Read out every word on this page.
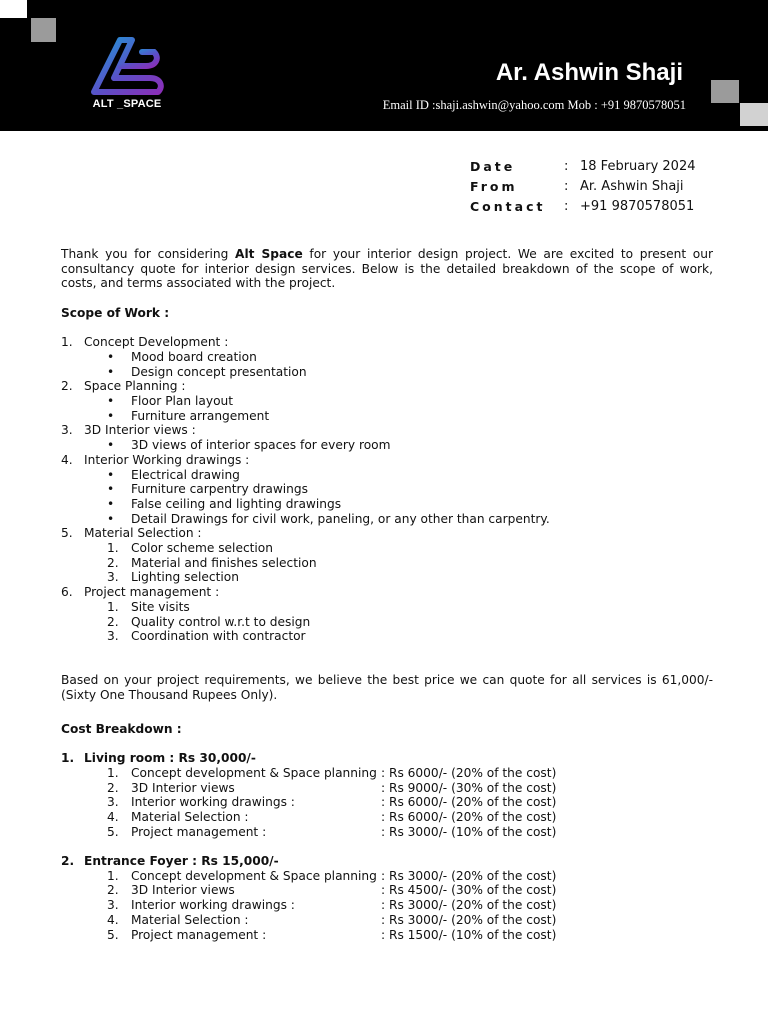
ALT _SPACE
Ar. Ashwin Shaji
Email ID :shaji.ashwin@yahoo.com Mob : +91 9870578051
Date	: 18 February 2024
From	: Ar. Ashwin Shaji
Contact	: +91 9870578051

Thank you for considering Alt Space for your interior design project. We are excited to present our consultancy quote for interior design services. Below is the detailed breakdown of the scope of work, costs, and terms associated with the project.

Scope of Work :
1. Concept Development :
• Mood board creation
• Design concept presentation
2. Space Planning :
• Floor Plan layout
• Furniture arrangement
3. 3D Interior views :
• 3D views of interior spaces for every room
4. Interior Working drawings :
• Electrical drawing
• Furniture carpentry drawings
• False ceiling and lighting drawings
• Detail Drawings for civil work, paneling, or any other than carpentry.
5. Material Selection :
1. Color scheme selection
2. Material and finishes selection
3. Lighting selection
6. Project management :
1. Site visits
2. Quality control w.r.t to design
3. Coordination with contractor

Based on your project requirements, we believe the best price we can quote for all services is 61,000/- (Sixty One Thousand Rupees Only).

Cost Breakdown :
1. Living room : Rs 30,000/-
1. Concept development & Space planning : Rs 6000/- (20% of the cost)
2. 3D Interior views	: Rs 9000/- (30% of the cost)
3. Interior working drawings :	: Rs 6000/- (20% of the cost)
4. Material Selection :	: Rs 6000/- (20% of the cost)
5. Project management :	: Rs 3000/- (10% of the cost)
2. Entrance Foyer : Rs 15,000/-
1. Concept development & Space planning : Rs 3000/- (20% of the cost)
2. 3D Interior views	: Rs 4500/- (30% of the cost)
3. Interior working drawings :	: Rs 3000/- (20% of the cost)
4. Material Selection :	: Rs 3000/- (20% of the cost)
5. Project management :	: Rs 1500/- (10% of the cost)
